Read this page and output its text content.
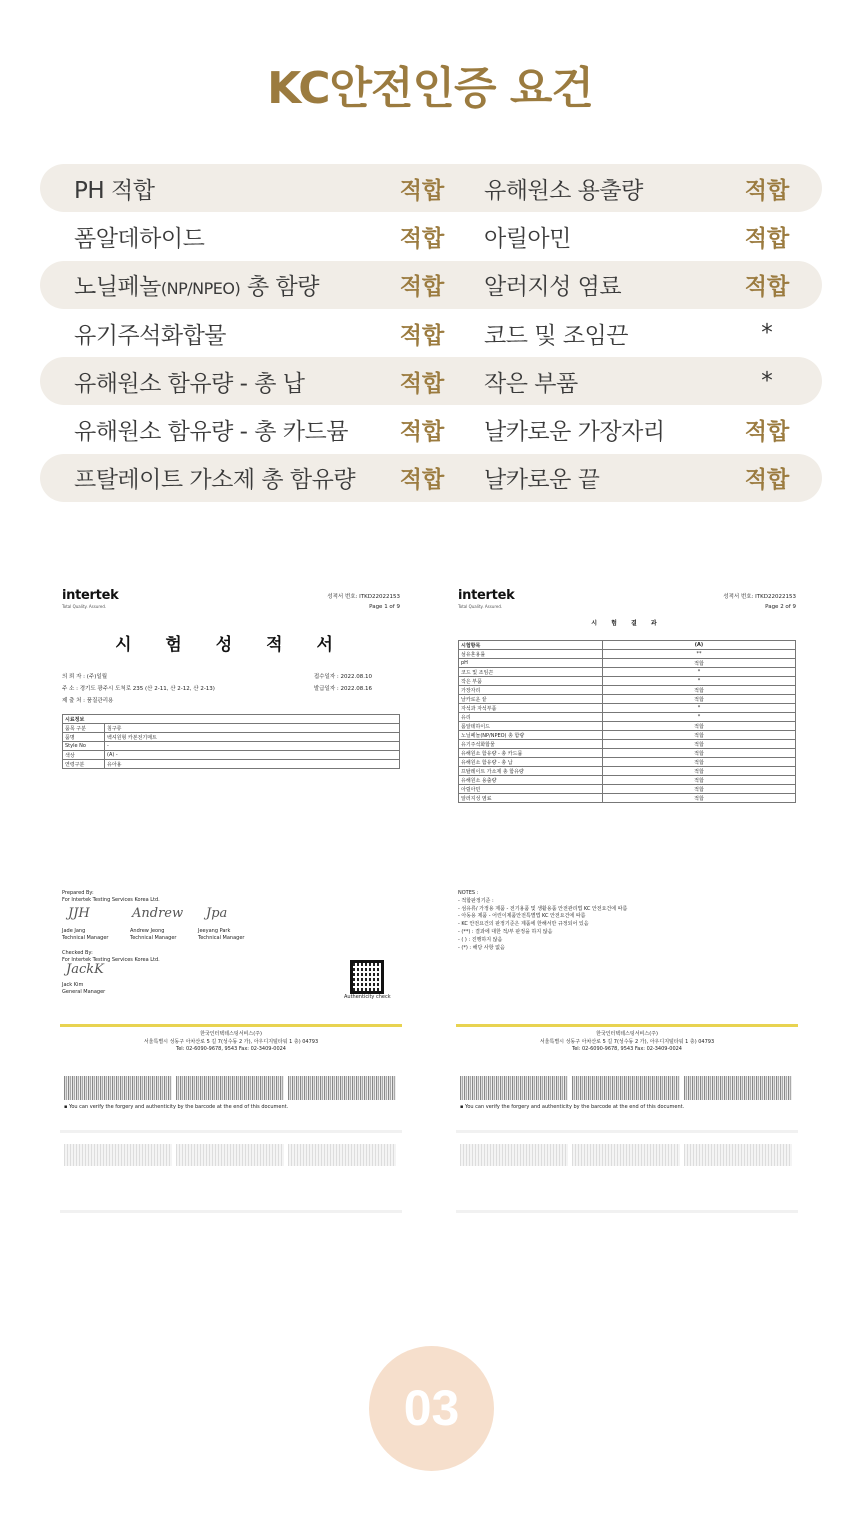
KC안전인증 요건
PH 적합	적합	유해원소 용출량	적합
폼알데하이드	적합	아릴아민	적합
노닐페놀(NP/NPEO) 총 함량	적합	알러지성 염료	적합
유기주석화합물	적합	코드 및 조임끈	*
유해원소 함유량 - 총 납	적합	작은 부품	*
유해원소 함유량 - 총 카드뮴	적합	날카로운 가장자리	적합
프탈레이트 가소제 총 함유량	적합	날카로운 끝	적합
intertek
Total Quality. Assured.
성적서 번호: ITKD22022153
Page 1 of 9
시 험 성 적 서
의 뢰 자 : (주)일월
주 소 : 경기도 광주시 도척로 235 (산 2-11, 산 2-12, 산 2-13)
제 출 처 : 품질관리용
접수일자 : 2022.08.10
발급일자 : 2022.08.16
시료정보	
품목 구분	침구류
품명	벡셔원형 카본전기매트
Style No	-
색상	(A) -
연령구분	유아용
Prepared By:
For Intertek Testing Services Korea Ltd.
JJH	Andrew Jpa
Jade Jang
Technical Manager
Andrew Jeong
Technical Manager
Jeeyang Park
Technical Manager
Checked By:
For Intertek Testing Services Korea Ltd.
JackK
Jack Kim
General Manager
Authenticity check
한국인터텍테스팅서비스(주)
서울특별시 성동구 아차산로 5 길 7(성수동 2 가), 아우디지털타워 1 층) 04793
Tel: 02-6090-9678, 9543 Fax: 02-3409-0024
▪ You can verify the forgery and authenticity by the barcode at the end of this document.
intertek
Total Quality. Assured.
성적서 번호: ITKD22022153
Page 2 of 9
시 험 결 과
시험항목	(A)
섬유혼용률	**
pH	적합
코드 및 조임끈	*
작은 부품	*
가장자리	적합
날카로운 끝	적합
자석과 자석부품	*
유리	*
폼알데하이드	적합
노닐페놀(NP/NPEO) 총 함량	적합
유기주석화합물	적합
유해원소 함유량 - 총 카드뮴	적합
유해원소 함유량 - 총 납	적합
프탈레이트 가소제 총 함유량	적합
유해원소 용출량	적합
아릴아민	적합
알러지성 염료	적합
NOTES :
- 적합판정기준 :
- 섬유류/ 가정용 제품 - 전기용품 및 생활용품 안전관리법 KC 안전요건에 따름
- 아동용 제품 - 어린이제품안전특별법 KC 안전요건에 따름
- KC 안전요건의 판정기준은 제품에 한해서만 규정되어 있음
- (**) : 결과에 대한 적/부 판정을 하지 않음
- ( ) : 진행하지 않음
- (*) : 해당 사항 없음
한국인터텍테스팅서비스(주)
서울특별시 성동구 아차산로 5 길 7(성수동 2 가), 아우디지털타워 1 층) 04793
Tel: 02-6090-9678, 9543 Fax: 02-3409-0024
▪ You can verify the forgery and authenticity by the barcode at the end of this document.
03
